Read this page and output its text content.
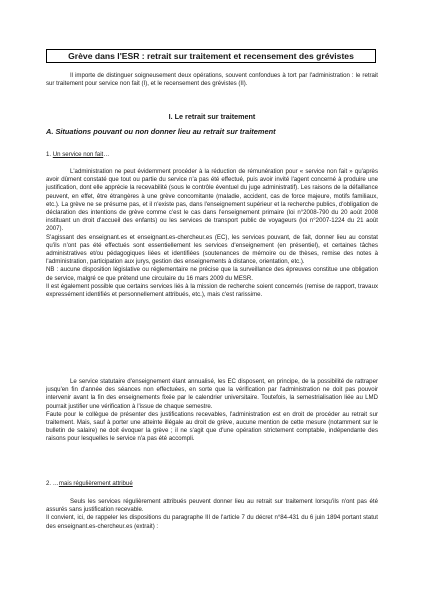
Grève dans l'ESR : retrait sur traitement et recensement des grévistes

Il importe de distinguer soigneusement deux opérations, souvent confondues à tort par l'administration : le retrait sur traitement pour service non fait (I), et le recensement des grévistes (II).

I. Le retrait sur traitement
A. Situations pouvant ou non donner lieu au retrait sur traitement
1. Un service non fait…

L'administration ne peut évidemment procéder à la réduction de rémunération pour « service non fait » qu'après avoir dûment constaté que tout ou partie du service n'a pas été effectué, puis avoir invité l'agent concerné à produire une justification, dont elle apprécie la recevabilité (sous le contrôle éventuel du juge administratif). Les raisons de la défaillance peuvent, en effet, être étrangères à une grève concomitante (maladie, accident, cas de force majeure, motifs familiaux, etc.). La grève ne se présume pas, et il n'existe pas, dans l'enseignement supérieur et la recherche publics, d'obligation de déclaration des intentions de grève comme c'est le cas dans l'enseignement primaire (loi n°2008-790 du 20 août 2008 instituant un droit d'accueil des enfants) ou les services de transport public de voyageurs (loi n°2007-1224 du 21 août 2007).

S'agissant des enseignant.es et enseignant.es-chercheur.es (EC), les services pouvant, de fait, donner lieu au constat qu'ils n'ont pas été effectués sont essentiellement les services d'enseignement (en présentiel), et certaines tâches administratives et/ou pédagogiques liées et identifiées (soutenances de mémoire ou de thèses, remise des notes à l'administration, participation aux jurys, gestion des enseignements à distance, orientation, etc.).

NB : aucune disposition législative ou réglementaire ne précise que la surveillance des épreuves constitue une obligation de service, malgré ce que prétend une circulaire du 16 mars 2009 du MESR.

Il est également possible que certains services liés à la mission de recherche soient concernés (remise de rapport, travaux expressément identifiés et personnellement attribués, etc.), mais c'est rarissime.

Le service statutaire d'enseignement étant annualisé, les EC disposent, en principe, de la possibilité de rattraper jusqu'en fin d'année des séances non effectuées, en sorte que la vérification par l'administration ne doit pas pouvoir intervenir avant la fin des enseignements fixée par le calendrier universitaire. Toutefois, la semestrialisation liée au LMD pourrait justifier une vérification à l'issue de chaque semestre.

Faute pour le collègue de présenter des justifications recevables, l'administration est en droit de procéder au retrait sur traitement. Mais, sauf à porter une atteinte illégale au droit de grève, aucune mention de cette mesure (notamment sur le bulletin de salaire) ne doit évoquer la grève ; il ne s'agit que d'une opération strictement comptable, indépendante des raisons pour lesquelles le service n'a pas été accompli.

2. …mais régulièrement attribué

Seuls les services régulièrement attribués peuvent donner lieu au retrait sur traitement lorsqu'ils n'ont pas été assurés sans justification recevable.

Il convient, ici, de rappeler les dispositions du paragraphe III de l'article 7 du décret n°84-431 du 6 juin 1894 portant statut des enseignant.es-chercheur.es (extrait) :
